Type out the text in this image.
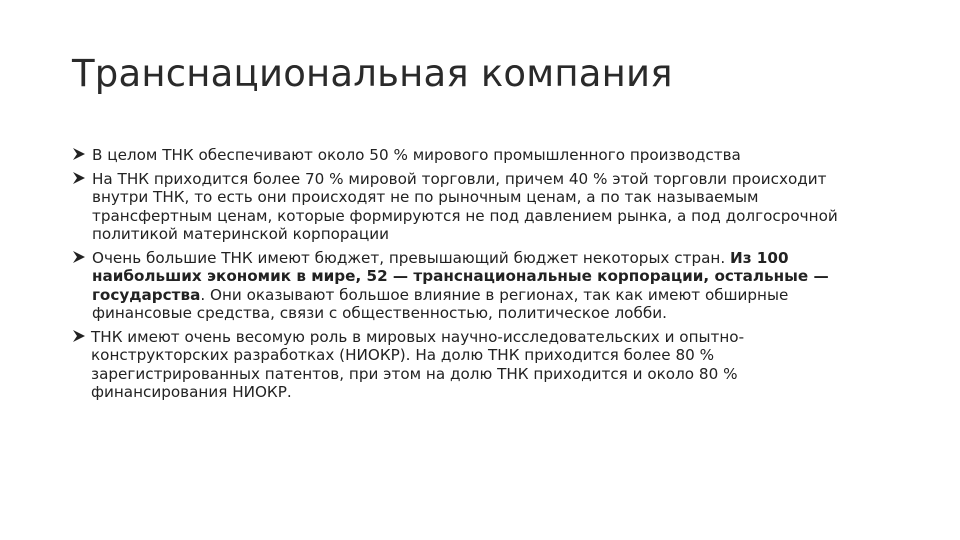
Транснациональная компания
В целом ТНК обеспечивают около 50 % мирового промышленного производства
На ТНК приходится более 70 % мировой торговли, причем 40 % этой торговли происходит внутри ТНК, то есть они происходят не по рыночным ценам, а по так называемым трансфертным ценам, которые формируются не под давлением рынка, а под долгосрочной политикой материнской корпорации
Очень большие ТНК имеют бюджет, превышающий бюджет некоторых стран. Из 100 наибольших экономик в мире, 52 — транснациональные корпорации, остальные — государства. Они оказывают большое влияние в регионах, так как имеют обширные финансовые средства, связи с общественностью, политическое лобби.
ТНК имеют очень весомую роль в мировых научно-исследовательских и опытно-конструкторских разработках (НИОКР). На долю ТНК приходится более 80 % зарегистрированных патентов, при этом на долю ТНК приходится и около 80 % финансирования НИОКР.
